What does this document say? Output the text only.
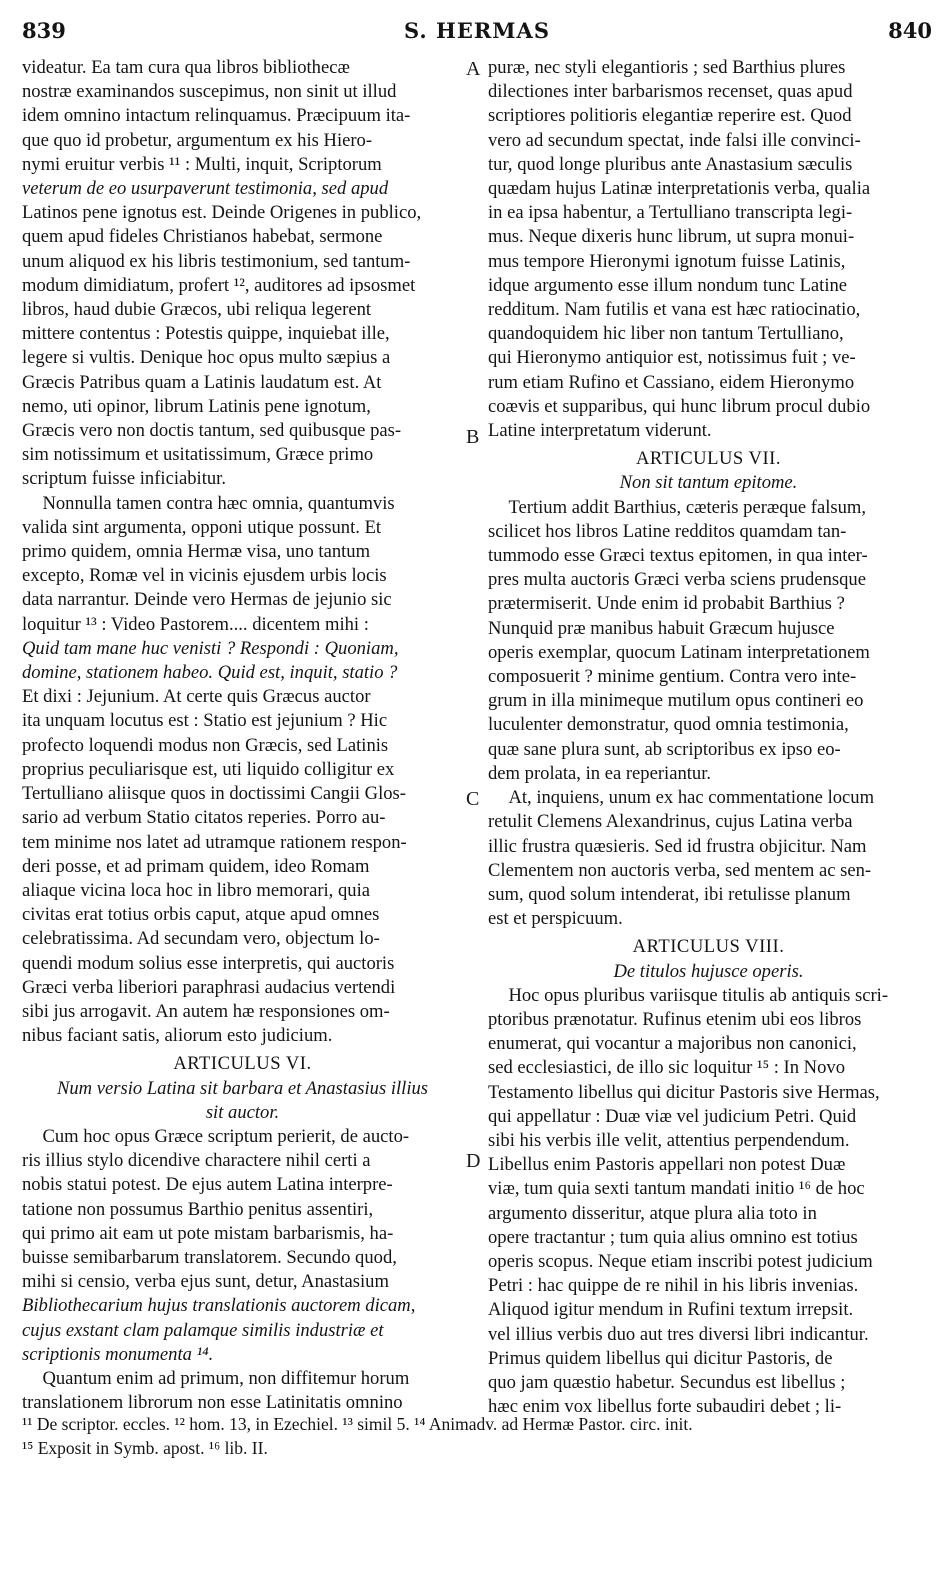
839	S. HERMAS	840
A
B
C
D

videatur. Ea tam cura qua libros bibliothecæ

nostræ examinandos suscepimus, non sinit ut illud

idem omnino intactum relinquamus. Præcipuum ita-

que quo id probetur, argumentum ex his Hiero-

nymi eruitur verbis ¹¹ : Multi, inquit, Scriptorum

veterum de eo usurpaverunt testimonia, sed apud

Latinos pene ignotus est. Deinde Origenes in publico,

quem apud fideles Christianos habebat, sermone

unum aliquod ex his libris testimonium, sed tantum-

modum dimidiatum, profert ¹², auditores ad ipsosmet

libros, haud dubie Græcos, ubi reliqua legerent

mittere contentus : Potestis quippe, inquiebat ille,

legere si vultis. Denique hoc opus multo sæpius a

Græcis Patribus quam a Latinis laudatum est. At

nemo, uti opinor, librum Latinis pene ignotum,

Græcis vero non doctis tantum, sed quibusque pas-

sim notissimum et usitatissimum, Græce primo

scriptum fuisse inficiabitur.

Nonnulla tamen contra hæc omnia, quantumvis

valida sint argumenta, opponi utique possunt. Et

primo quidem, omnia Hermæ visa, uno tantum

excepto, Romæ vel in vicinis ejusdem urbis locis

data narrantur. Deinde vero Hermas de jejunio sic

loquitur ¹³ : Video Pastorem.... dicentem mihi :

Quid tam mane huc venisti ? Respondi : Quoniam,

domine, stationem habeo. Quid est, inquit, statio ?

Et dixi : Jejunium. At certe quis Græcus auctor

ita unquam locutus est : Statio est jejunium ? Hic

profecto loquendi modus non Græcis, sed Latinis

proprius peculiarisque est, uti liquido colligitur ex

Tertulliano aliisque quos in doctissimi Cangii Glos-

sario ad verbum Statio citatos reperies. Porro au-

tem minime nos latet ad utramque rationem respon-

deri posse, et ad primam quidem, ideo Romam

aliaque vicina loca hoc in libro memorari, quia

civitas erat totius orbis caput, atque apud omnes

celebratissima. Ad secundam vero, objectum lo-

quendi modum solius esse interpretis, qui auctoris

Græci verba liberiori paraphrasi audacius vertendi

sibi jus arrogavit. An autem hæ responsiones om-

nibus faciant satis, aliorum esto judicium.

ARTICULUS VI.

Num versio Latina sit barbara et Anastasius illius

sit auctor.

Cum hoc opus Græce scriptum perierit, de aucto-

ris illius stylo dicendive charactere nihil certi a

nobis statui potest. De ejus autem Latina interpre-

tatione non possumus Barthio penitus assentiri,

qui primo ait eam ut pote mistam barbarismis, ha-

buisse semibarbarum translatorem. Secundo quod,

mihi si censio, verba ejus sunt, detur, Anastasium

Bibliothecarium hujus translationis auctorem dicam,

cujus exstant clam palamque similis industriæ et

scriptionis monumenta ¹⁴.

Quantum enim ad primum, non diffitemur horum

translationem librorum non esse Latinitatis omnino

puræ, nec styli elegantioris ; sed Barthius plures

dilectiones inter barbarismos recenset, quas apud

scriptiores politioris elegantiæ reperire est. Quod

vero ad secundum spectat, inde falsi ille convinci-

tur, quod longe pluribus ante Anastasium sæculis

quædam hujus Latinæ interpretationis verba, qualia

in ea ipsa habentur, a Tertulliano transcripta legi-

mus. Neque dixeris hunc librum, ut supra monui-

mus tempore Hieronymi ignotum fuisse Latinis,

idque argumento esse illum nondum tunc Latine

redditum. Nam futilis et vana est hæc ratiocinatio,

quandoquidem hic liber non tantum Tertulliano,

qui Hieronymo antiquior est, notissimus fuit ; ve-

rum etiam Rufino et Cassiano, eidem Hieronymo

coævis et supparibus, qui hunc librum procul dubio

Latine interpretatum viderunt.

ARTICULUS VII.

Non sit tantum epitome.

Tertium addit Barthius, cæteris peræque falsum,

scilicet hos libros Latine redditos quamdam tan-

tummodo esse Græci textus epitomen, in qua inter-

pres multa auctoris Græci verba sciens prudensque

prætermiserit. Unde enim id probabit Barthius ?

Nunquid præ manibus habuit Græcum hujusce

operis exemplar, quocum Latinam interpretationem

composuerit ? minime gentium. Contra vero inte-

grum in illa minimeque mutilum opus contineri eo

luculenter demonstratur, quod omnia testimonia,

quæ sane plura sunt, ab scriptoribus ex ipso eo-

dem prolata, in ea reperiantur.

At, inquiens, unum ex hac commentatione locum

retulit Clemens Alexandrinus, cujus Latina verba

illic frustra quæsieris. Sed id frustra objicitur. Nam

Clementem non auctoris verba, sed mentem ac sen-

sum, quod solum intenderat, ibi retulisse planum

est et perspicuum.

ARTICULUS VIII.

De titulos hujusce operis.

Hoc opus pluribus variisque titulis ab antiquis scri-

ptoribus prænotatur. Rufinus etenim ubi eos libros

enumerat, qui vocantur a majoribus non canonici,

sed ecclesiastici, de illo sic loquitur ¹⁵ : In Novo

Testamento libellus qui dicitur Pastoris sive Hermas,

qui appellatur : Duæ viæ vel judicium Petri. Quid

sibi his verbis ille velit, attentius perpendendum.

Libellus enim Pastoris appellari non potest Duæ

viæ, tum quia sexti tantum mandati initio ¹⁶ de hoc

argumento disseritur, atque plura alia toto in

opere tractantur ; tum quia alius omnino est totius

operis scopus. Neque etiam inscribi potest judicium

Petri : hac quippe de re nihil in his libris invenias.

Aliquod igitur mendum in Rufini textum irrepsit.

vel illius verbis duo aut tres diversi libri indicantur.

Primus quidem libellus qui dicitur Pastoris, de

quo jam quæstio habetur. Secundus est libellus ;

hæc enim vox libellus forte subaudiri debet ; li-

¹¹ De scriptor. eccles. ¹² hom. 13, in Ezechiel. ¹³ simil 5. ¹⁴ Animadv. ad Hermæ Pastor. circ. init.
¹⁵ Exposit in Symb. apost. ¹⁶ lib. II.
